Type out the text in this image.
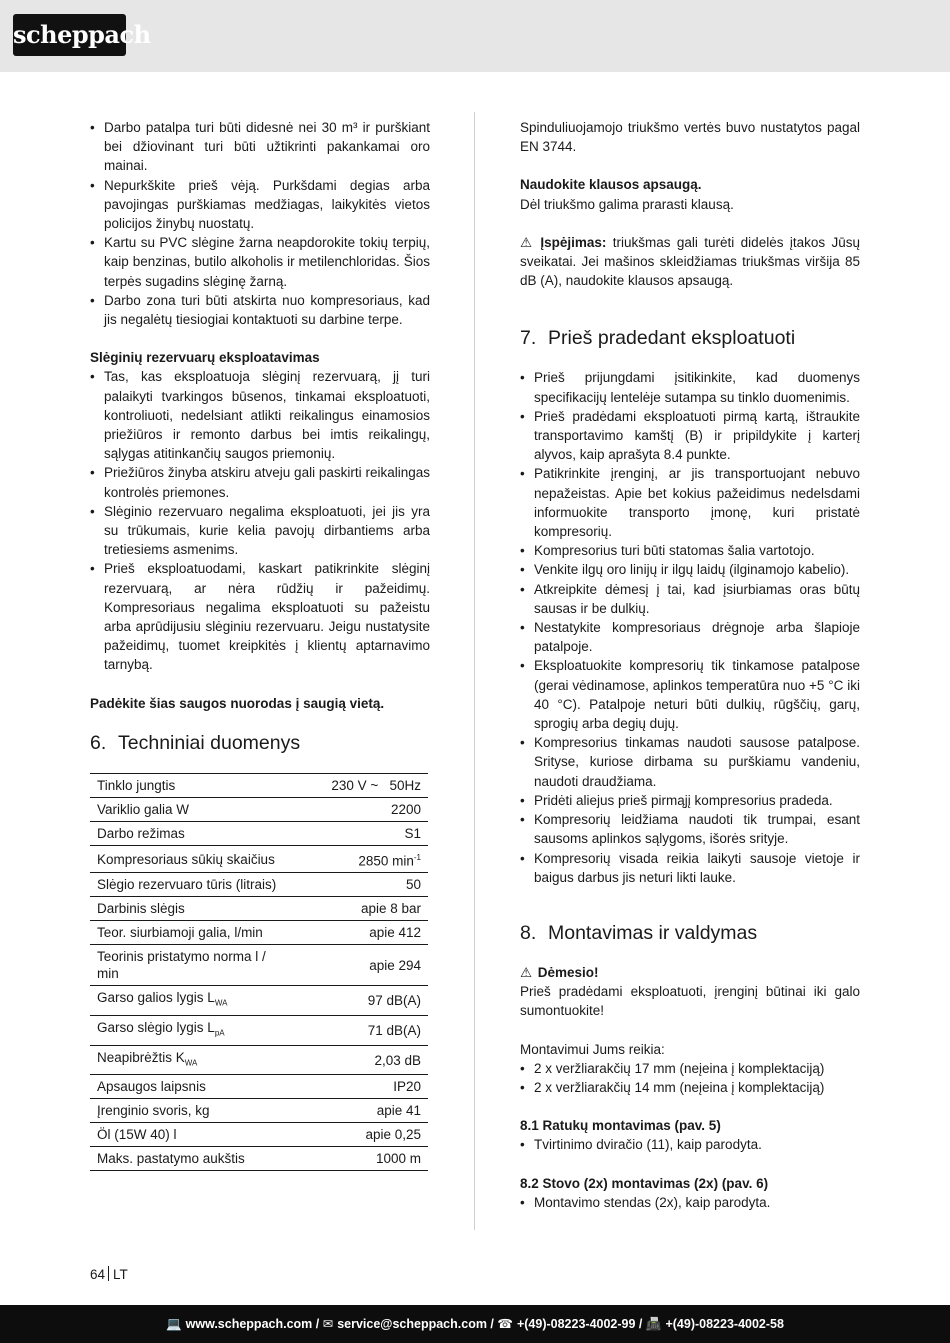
scheppach
• Darbo patalpa turi būti didesnė nei 30 m³ ir purškiant bei džiovinant turi būti užtikrinti pakankamai oro mainai.
• Nepurkškite prieš vėją. Purkšdami degias arba pavojingas purškiamas medžiagas, laikykitės vietos policijos žinybų nuostatų.
• Kartu su PVC slėgine žarna neapdorokite tokių terpių, kaip benzinas, butilo alkoholis ir metilenchloridas. Šios terpės sugadins slėginę žarną.
• Darbo zona turi būti atskirta nuo kompresoriaus, kad jis negalėtų tiesiogiai kontaktuoti su darbine terpe.

Slėginių rezervuarų eksploatavimas

• Tas, kas eksploatuoja slėginį rezervuarą, jį turi palaikyti tvarkingos būsenos, tinkamai eksploatuoti, kontroliuoti, nedelsiant atlikti reikalingus einamosios priežiūros ir remonto darbus bei imtis reikalingų, sąlygas atitinkančių saugos priemonių.
• Priežiūros žinyba atskiru atveju gali paskirti reikalingas kontrolės priemones.
• Slėginio rezervuaro negalima eksploatuoti, jei jis yra su trūkumais, kurie kelia pavojų dirbantiems arba tretiesiems asmenims.
• Prieš eksploatuodami, kaskart patikrinkite slėginį rezervuarą, ar nėra rūdžių ir pažeidimų. Kompresoriaus negalima eksploatuoti su pažeistu arba aprūdijusiu slėginiu rezervuaru. Jeigu nustatysite pažeidimų, tuomet kreipkitės į klientų aptarnavimo tarnybą.

Padėkite šias saugos nuorodas į saugią vietą.

6. Techniniai duomenys
Tinklo jungtis	230 V ~   50Hz
Variklio galia W	2200
Darbo režimas	S1
Kompresoriaus sūkių skaičius	2850 $\min^{-1}$
Slėgio rezervuaro tūris (litrais)	50
Darbinis slėgis	apie 8 bar
Teor. siurbiamoji galia, l/min	apie 412
Teorinis pristatymo norma l / min	apie 294
Garso galios lygis $L_{WA}$	97 dB(A)
Garso slėgio lygis $L_{pA}$	71 dB(A)
Neapibrėžtis $K_{WA}$	2,03 dB
Apsaugos laipsnis	IP20
Įrenginio svoris, kg	apie 41
Öl (15W 40) l	apie 0,25
Maks. pastatymo aukštis	1000 m

Spinduliuojamojo triukšmo vertės buvo nustatytos pagal EN 3744.

Naudokite klausos apsaugą.

Dėl triukšmo galima prarasti klausą.

⚠ Įspėjimas: triukšmas gali turėti didelės įtakos Jūsų sveikatai. Jei mašinos skleidžiamas triukšmas viršija 85 dB (A), naudokite klausos apsaugą.

7. Prieš pradedant eksploatuoti
• Prieš prijungdami įsitikinkite, kad duomenys specifikacijų lentelėje sutampa su tinklo duomenimis.
• Prieš pradėdami eksploatuoti pirmą kartą, ištraukite transportavimo kamštį (B) ir pripildykite į karterį alyvos, kaip aprašyta 8.4 punkte.
• Patikrinkite įrenginį, ar jis transportuojant nebuvo nepažeistas. Apie bet kokius pažeidimus nedelsdami informuokite transporto įmonę, kuri pristatė kompresorių.
• Kompresorius turi būti statomas šalia vartotojo.
• Venkite ilgų oro linijų ir ilgų laidų (ilginamojo kabelio).
• Atkreipkite dėmesį į tai, kad įsiurbiamas oras būtų sausas ir be dulkių.
• Nestatykite kompresoriaus drėgnoje arba šlapioje patalpoje.
• Eksploatuokite kompresorių tik tinkamose patalpose (gerai vėdinamose, aplinkos temperatūra nuo +5 °C iki 40 °C). Patalpoje neturi būti dulkių, rūgščių, garų, sprogių arba degių dujų.
• Kompresorius tinkamas naudoti sausose patalpose. Srityse, kuriose dirbama su purškiamu vandeniu, naudoti draudžiama.
• Pridėti aliejus prieš pirmąjį kompresorius pradeda.
• Kompresorių leidžiama naudoti tik trumpai, esant sausoms aplinkos sąlygoms, išorės srityje.
• Kompresorių visada reikia laikyti sausoje vietoje ir baigus darbus jis neturi likti lauke.
8. Montavimas ir valdymas

⚠ Dėmesio!

Prieš pradėdami eksploatuoti, įrenginį būtinai iki galo sumontuokite!

Montavimui Jums reikia:

• 2 x veržliarakčių 17 mm (neįeina į komplektaciją)
• 2 x veržliarakčių 14 mm (neįeina į komplektaciją)

8.1 Ratukų montavimas (pav. 5)

• Tvirtinimo dviračio (11), kaip parodyta.

8.2 Stovo (2x) montavimas (2x) (pav. 6)

• Montavimo stendas (2x), kaip parodyta.
64 LT
💻 www.scheppach.com / ✉ service@scheppach.com / ☎ +(49)-08223-4002-99 / 📠 +(49)-08223-4002-58
